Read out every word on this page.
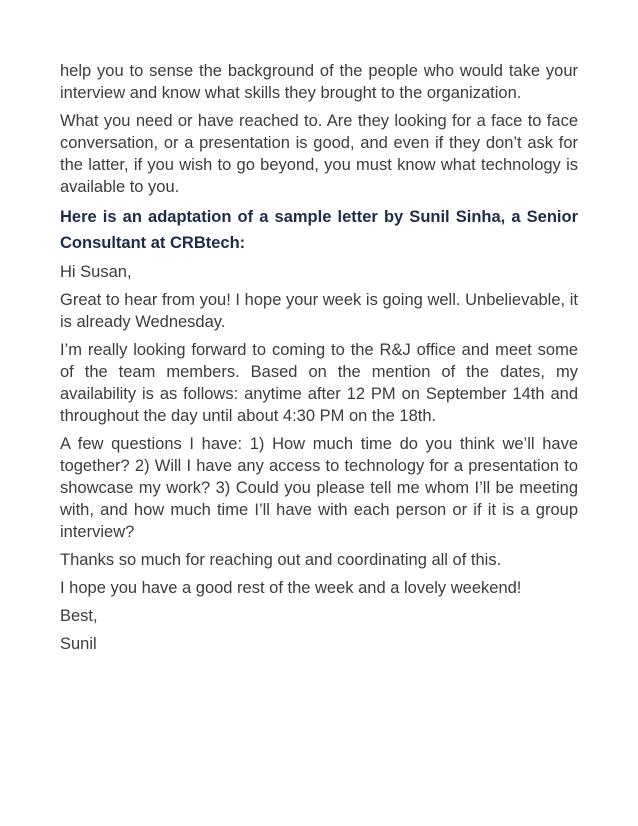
help you to sense the background of the people who would take your interview and know what skills they brought to the organization.

What you need or have reached to. Are they looking for a face to face conversation, or a presentation is good, and even if they don’t ask for the latter, if you wish to go beyond, you must know what technology is available to you.

Here is an adaptation of a sample letter by Sunil Sinha, a Senior Consultant at CRBtech:

Hi Susan,

Great to hear from you! I hope your week is going well. Unbelievable, it is already Wednesday.

I’m really looking forward to coming to the R&J office and meet some of the team members. Based on the mention of the dates, my availability is as follows: anytime after 12 PM on September 14th and throughout the day until about 4:30 PM on the 18th.

A few questions I have: 1) How much time do you think we’ll have together? 2) Will I have any access to technology for a presentation to showcase my work? 3) Could you please tell me whom I’ll be meeting with, and how much time I’ll have with each person or if it is a group interview?

Thanks so much for reaching out and coordinating all of this.

I hope you have a good rest of the week and a lovely weekend!

Best,

Sunil
